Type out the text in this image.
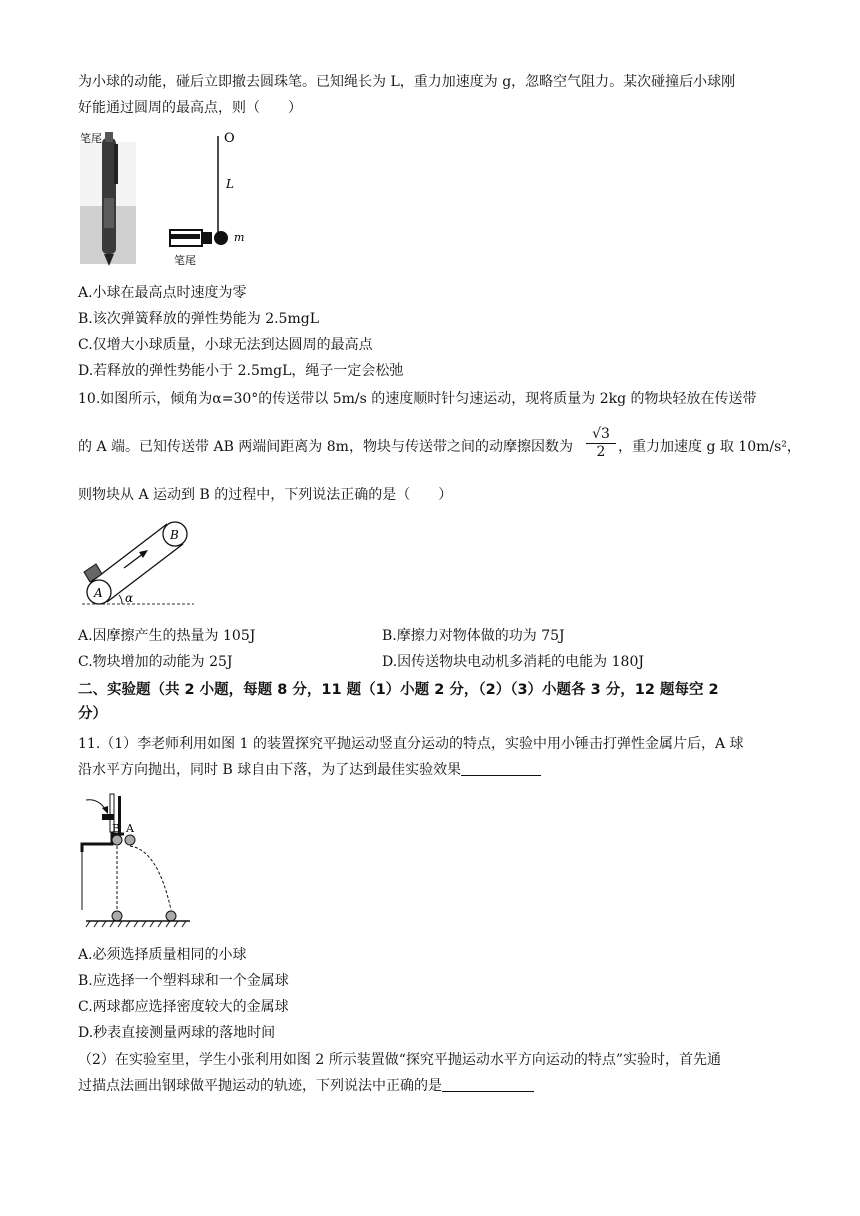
为小球的动能，碰后立即撤去圆珠笔。已知绳长为 L，重力加速度为 g，忽略空气阻力。某次碰撞后小球刚
好能通过圆周的最高点，则（　　）
笔尾	O
L
m
笔尾
A.小球在最高点时速度为零
B.该次弹簧释放的弹性势能为 2.5mgL
C.仅增大小球质量，小球无法到达圆周的最高点
D.若释放的弹性势能小于 2.5mgL，绳子一定会松弛
10.如图所示，倾角为α=30°的传送带以 5m/s 的速度顺时针匀速运动，现将质量为 2kg 的物块轻放在传送带
的 A 端。已知传送带 AB 两端间距离为 8m，物块与传送带之间的动摩擦因数为
√3
2 ，重力加速度 g 取 10m/s²，
则物块从 A 运动到 B 的过程中，下列说法正确的是（　　）
A
B
α
A.因摩擦产生的热量为 105J	B.摩擦力对物体做的功为 75J
C.物块增加的动能为 25J	D.因传送物块电动机多消耗的电能为 180J
二、实验题（共 2 小题，每题 8 分，11 题（1）小题 2 分，（2）（3）小题各 3 分，12 题每空 2
分）
11.（1）李老师利用如图 1 的装置探究平抛运动竖直分运动的特点，实验中用小锤击打弹性金属片后，A 球
沿水平方向抛出，同时 B 球自由下落，为了达到最佳实验效果
B A
A.必须选择质量相同的小球
B.应选择一个塑料球和一个金属球
C.两球都应选择密度较大的金属球
D.秒表直接测量两球的落地时间
（2）在实验室里，学生小张利用如图 2 所示装置做“探究平抛运动水平方向运动的特点”实验时，首先通
过描点法画出钢球做平抛运动的轨迹，下列说法中正确的是
